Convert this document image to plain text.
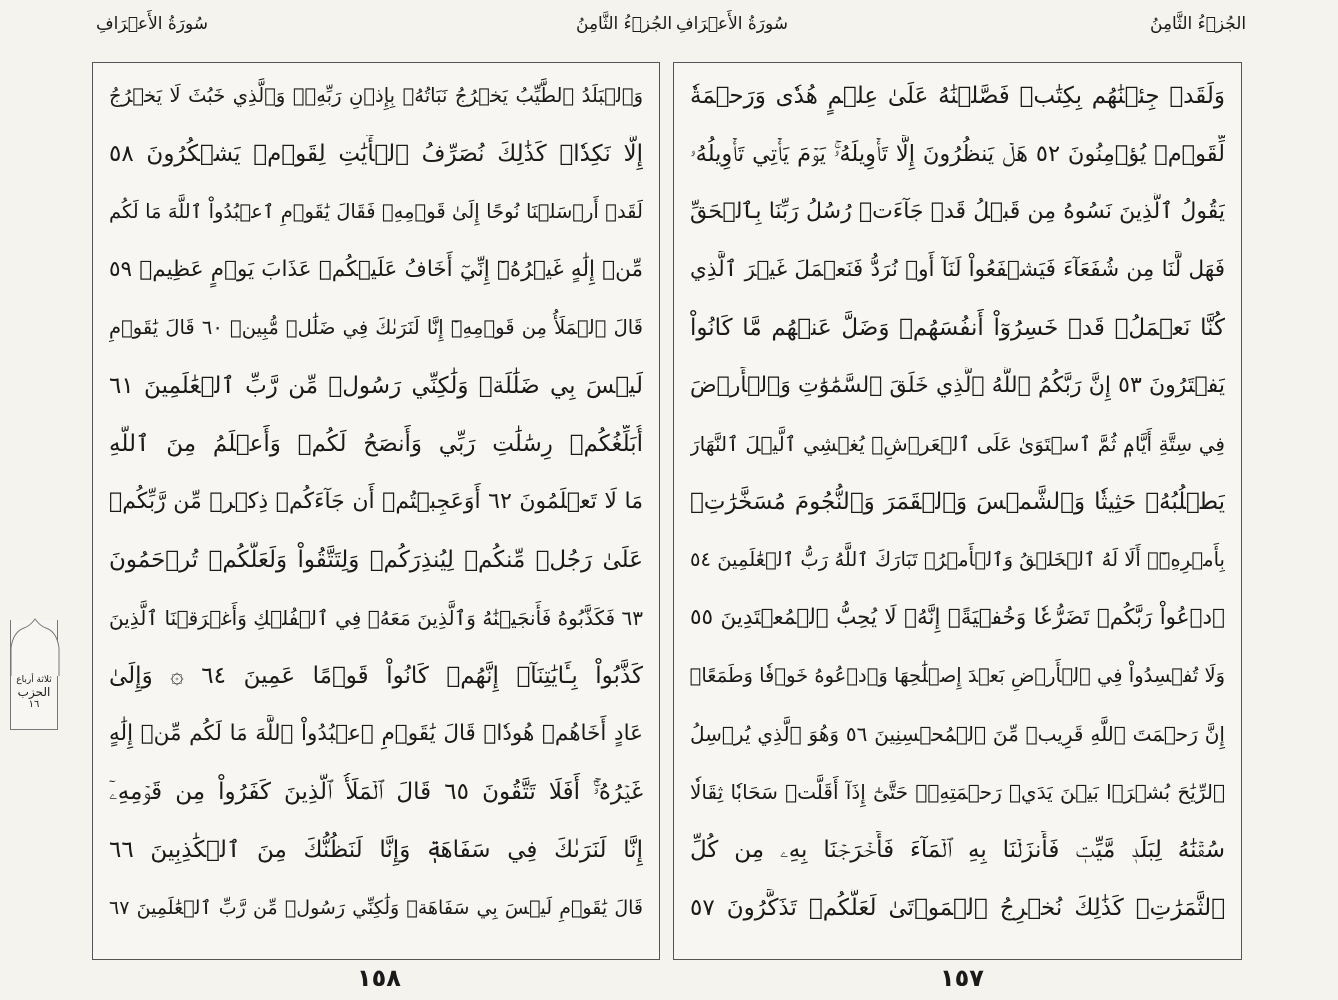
سُورَةُ الأَعۡرَافِ	الجُزۡءُ الثَّامِنُ سُورَةُ الأَعۡرَافِ	الجُزۡءُ الثَّامِنُ
وَٱلۡبَلَدُ ٱلطَّيِّبُ يَخۡرُجُ نَبَاتُهُۥ بِإِذۡنِ رَبِّهِۦۖ وَٱلَّذِي خَبُثَ لَا يَخۡرُجُ
إِلَّا نَكِدٗاۚ كَذَٰلِكَ نُصَرِّفُ ٱلۡأٓيَٰتِ لِقَوۡمٖ يَشۡكُرُونَ ٥٨
لَقَدۡ أَرۡسَلۡنَا نُوحًا إِلَىٰ قَوۡمِهِۦ فَقَالَ يَٰقَوۡمِ ٱعۡبُدُواْ ٱللَّهَ مَا لَكُم
مِّنۡ إِلَٰهٍ غَيۡرُهُۥٓ إِنِّيٓ أَخَافُ عَلَيۡكُمۡ عَذَابَ يَوۡمٍ عَظِيمٖ ٥٩
قَالَ ٱلۡمَلَأُ مِن قَوۡمِهِۦٓ إِنَّا لَنَرَىٰكَ فِي ضَلَٰلٖ مُّبِينٖ ٦٠ قَالَ يَٰقَوۡمِ
لَيۡسَ بِي ضَلَٰلَةٞ وَلَٰكِنِّي رَسُولٞ مِّن رَّبِّ ٱلۡعَٰلَمِينَ ٦١
أُبَلِّغُكُمۡ رِسَٰلَٰتِ رَبِّي وَأَنصَحُ لَكُمۡ وَأَعۡلَمُ مِنَ ٱللَّهِ
مَا لَا تَعۡلَمُونَ ٦٢ أَوَعَجِبۡتُمۡ أَن جَآءَكُمۡ ذِكۡرٞ مِّن رَّبِّكُمۡ
عَلَىٰ رَجُلٖ مِّنكُمۡ لِيُنذِرَكُمۡ وَلِتَتَّقُواْ وَلَعَلَّكُمۡ تُرۡحَمُونَ
٦٣ فَكَذَّبُوهُ فَأَنجَيۡنَٰهُ وَٱلَّذِينَ مَعَهُۥ فِي ٱلۡفُلۡكِ وَأَغۡرَقۡنَا ٱلَّذِينَ
كَذَّبُواْ بِـَٔايَٰتِنَآۚ إِنَّهُمۡ كَانُواْ قَوۡمًا عَمِينَ ٦٤ ۞ وَإِلَىٰ
عَادٍ أَخَاهُمۡ هُودٗاۚ قَالَ يَٰقَوۡمِ ٱعۡبُدُواْ ٱللَّهَ مَا لَكُم مِّنۡ إِلَٰهٍ
غَيۡرُهُۥٓۚ أَفَلَا تَتَّقُونَ ٦٥ قَالَ ٱلۡمَلَأُ ٱلَّذِينَ كَفَرُواْ مِن قَوۡمِهِۦٓ
إِنَّا لَنَرَىٰكَ فِي سَفَاهَةٖ وَإِنَّا لَنَظُنُّكَ مِنَ ٱلۡكَٰذِبِينَ ٦٦
قَالَ يَٰقَوۡمِ لَيۡسَ بِي سَفَاهَةٞ وَلَٰكِنِّي رَسُولٞ مِّن رَّبِّ ٱلۡعَٰلَمِينَ ٦٧
وَلَقَدۡ جِئۡنَٰهُم بِكِتَٰبٖ فَصَّلۡنَٰهُ عَلَىٰ عِلۡمٍ هُدٗى وَرَحۡمَةٗ
لِّقَوۡمٖ يُؤۡمِنُونَ ٥٢ هَلۡ يَنظُرُونَ إِلَّا تَأۡوِيلَهُۥۚ يَوۡمَ يَأۡتِي تَأۡوِيلُهُۥ
يَقُولُ ٱلَّذِينَ نَسُوهُ مِن قَبۡلُ قَدۡ جَآءَتۡ رُسُلُ رَبِّنَا بِٱلۡحَقِّ
فَهَل لَّنَا مِن شُفَعَآءَ فَيَشۡفَعُواْ لَنَآ أَوۡ نُرَدُّ فَنَعۡمَلَ غَيۡرَ ٱلَّذِي
كُنَّا نَعۡمَلُۚ قَدۡ خَسِرُوٓاْ أَنفُسَهُمۡ وَضَلَّ عَنۡهُم مَّا كَانُواْ
يَفۡتَرُونَ ٥٣ إِنَّ رَبَّكُمُ ٱللَّهُ ٱلَّذِي خَلَقَ ٱلسَّمَٰوَٰتِ وَٱلۡأَرۡضَ
فِي سِتَّةِ أَيَّامٖ ثُمَّ ٱسۡتَوَىٰ عَلَى ٱلۡعَرۡشِۖ يُغۡشِي ٱلَّيۡلَ ٱلنَّهَارَ
يَطۡلُبُهُۥ حَثِيثٗا وَٱلشَّمۡسَ وَٱلۡقَمَرَ وَٱلنُّجُومَ مُسَخَّرَٰتِۭ
بِأَمۡرِهِۦٓۗ أَلَا لَهُ ٱلۡخَلۡقُ وَٱلۡأَمۡرُۗ تَبَارَكَ ٱللَّهُ رَبُّ ٱلۡعَٰلَمِينَ ٥٤
ٱدۡعُواْ رَبَّكُمۡ تَضَرُّعٗا وَخُفۡيَةًۚ إِنَّهُۥ لَا يُحِبُّ ٱلۡمُعۡتَدِينَ ٥٥
وَلَا تُفۡسِدُواْ فِي ٱلۡأَرۡضِ بَعۡدَ إِصۡلَٰحِهَا وَٱدۡعُوهُ خَوۡفٗا وَطَمَعًاۚ
إِنَّ رَحۡمَتَ ٱللَّهِ قَرِيبٞ مِّنَ ٱلۡمُحۡسِنِينَ ٥٦ وَهُوَ ٱلَّذِي يُرۡسِلُ
ٱلرِّيَٰحَ بُشۡرَۢا بَيۡنَ يَدَيۡ رَحۡمَتِهِۦۖ حَتَّىٰٓ إِذَآ أَقَلَّتۡ سَحَابٗا ثِقَالٗا
سُقۡنَٰهُ لِبَلَدٖ مَّيِّتٖ فَأَنزَلۡنَا بِهِ ٱلۡمَآءَ فَأَخۡرَجۡنَا بِهِۦ مِن كُلِّ
ٱلثَّمَرَٰتِۚ كَذَٰلِكَ نُخۡرِجُ ٱلۡمَوۡتَىٰ لَعَلَّكُمۡ تَذَكَّرُونَ ٥٧
١٥٨	١٥٧
ثلاثة أرباع
الحزب
١٦
